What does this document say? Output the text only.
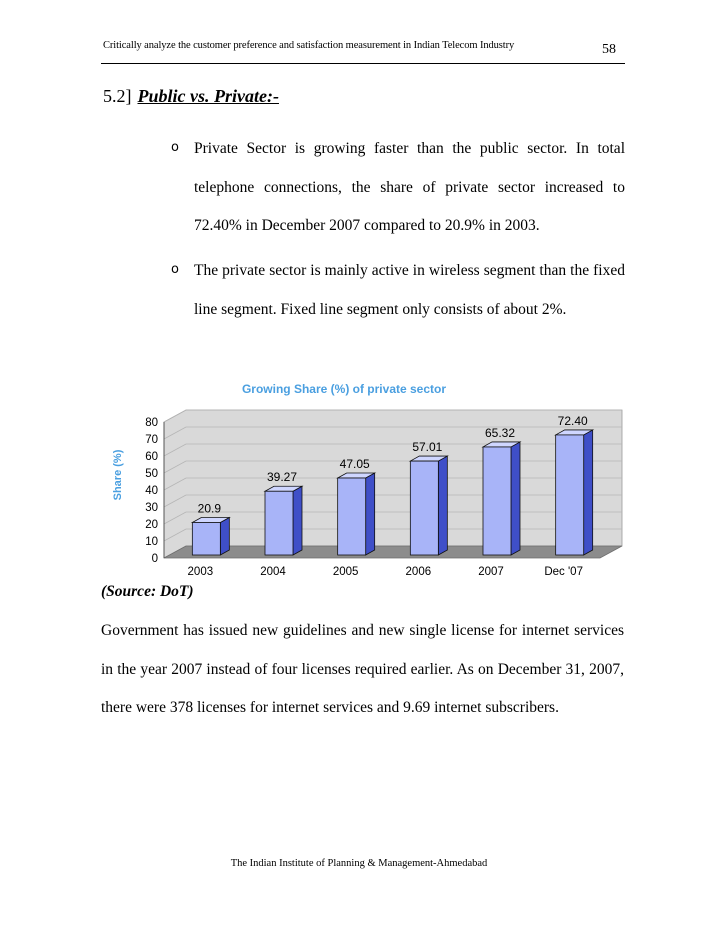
Critically analyze the customer preference and satisfaction measurement in Indian Telecom Industry	58
5.2] Public vs. Private:-
o Private Sector is growing faster than the public sector. In total telephone connections, the share of private sector increased to 72.40% in December 2007 compared to 20.9% in 2003.
o The private sector is mainly active in wireless segment than the fixed line segment. Fixed line segment only consists of about 2%.
Growing Share (%) of private sector
Share (%)
0
10
20
30
40
50
60
70
80
20.9
2003
39.27
2004
47.05
2005
57.01
2006
65.32
2007
72.40
Dec '07
(Source: DoT)
Government has issued new guidelines and new single license for internet services in the year 2007 instead of four licenses required earlier. As on December 31, 2007, there were 378 licenses for internet services and 9.69 internet subscribers.
The Indian Institute of Planning & Management-Ahmedabad
